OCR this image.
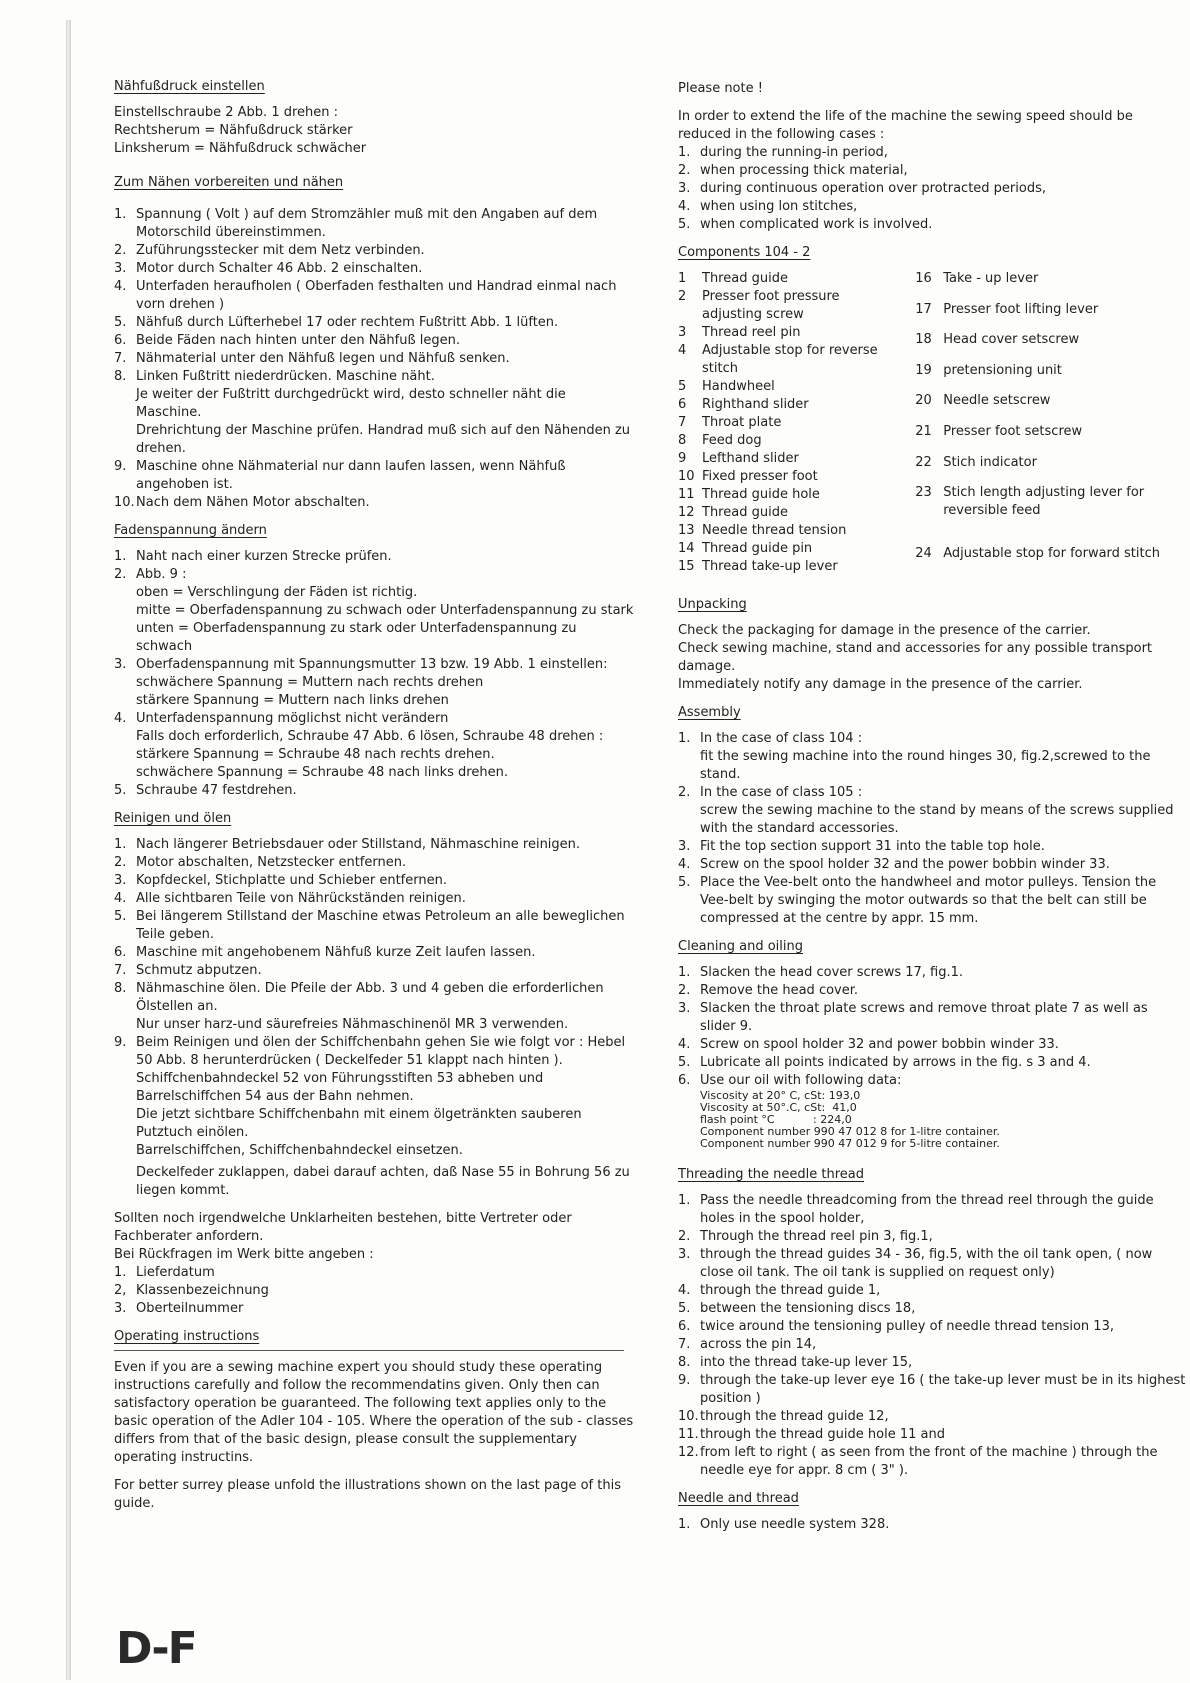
Nähfußdruck einstellen

Einstellschraube 2 Abb. 1 drehen :

Rechtsherum = Nähfußdruck stärker

Linksherum = Nähfußdruck schwächer

Zum Nähen vorbereiten und nähen
1. Spannung ( Volt ) auf dem Stromzähler muß mit den Angaben auf dem Motorschild übereinstimmen.
2. Zuführungsstecker mit dem Netz verbinden.
3. Motor durch Schalter 46 Abb. 2 einschalten.
4. Unterfaden heraufholen ( Oberfaden festhalten und Handrad einmal nach vorn drehen )
5. Nähfuß durch Lüfterhebel 17 oder rechtem Fußtritt Abb. 1 lüften.
6. Beide Fäden nach hinten unter den Nähfuß legen.
7. Nähmaterial unter den Nähfuß legen und Nähfuß senken.
8. Linken Fußtritt niederdrücken. Maschine näht.

Je weiter der Fußtritt durchgedrückt wird, desto schneller näht die Maschine.

Drehrichtung der Maschine prüfen. Handrad muß sich auf den Nähenden zu drehen.

9. Maschine ohne Nähmaterial nur dann laufen lassen, wenn Nähfuß angehoben ist.
10. Nach dem Nähen Motor abschalten.
Fadenspannung ändern
1. Naht nach einer kurzen Strecke prüfen.
2. Abb. 9 :

oben = Verschlingung der Fäden ist richtig.

mitte = Oberfadenspannung zu schwach oder Unterfadenspannung zu stark

unten = Oberfadenspannung zu stark oder Unterfadenspannung zu schwach

3. Oberfadenspannung mit Spannungsmutter 13 bzw. 19 Abb. 1 einstellen:

schwächere Spannung = Muttern nach rechts drehen

stärkere Spannung = Muttern nach links drehen

4. Unterfadenspannung möglichst nicht verändern

Falls doch erforderlich, Schraube 47 Abb. 6 lösen, Schraube 48 drehen :

stärkere Spannung = Schraube 48 nach rechts drehen.

schwächere Spannung = Schraube 48 nach links drehen.

5. Schraube 47 festdrehen.
Reinigen und ölen
1. Nach längerer Betriebsdauer oder Stillstand, Nähmaschine reinigen.
2. Motor abschalten, Netzstecker entfernen.
3. Kopfdeckel, Stichplatte und Schieber entfernen.
4. Alle sichtbaren Teile von Nährückständen reinigen.
5. Bei längerem Stillstand der Maschine etwas Petroleum an alle beweglichen Teile geben.
6. Maschine mit angehobenem Nähfuß kurze Zeit laufen lassen.
7. Schmutz abputzen.
8. Nähmaschine ölen. Die Pfeile der Abb. 3 und 4 geben die erforderlichen Ölstellen an.

Nur unser harz-und säurefreies Nähmaschinenöl MR 3 verwenden.

9. Beim Reinigen und ölen der Schiffchenbahn gehen Sie wie folgt vor : Hebel 50 Abb. 8 herunterdrücken ( Deckelfeder 51 klappt nach hinten ). Schiffchenbahndeckel 52 von Führungsstiften 53 abheben und Barrelschiffchen 54 aus der Bahn nehmen.

Die jetzt sichtbare Schiffchenbahn mit einem ölgetränkten sauberen Putztuch einölen.

Barrelschiffchen, Schiffchenbahndeckel einsetzen.

Deckelfeder zuklappen, dabei darauf achten, daß Nase 55 in Bohrung 56 zu liegen kommt.

Sollten noch irgendwelche Unklarheiten bestehen, bitte Vertreter oder Fachberater anfordern.

Bei Rückfragen im Werk bitte angeben :

1. Lieferdatum
2, Klassenbezeichnung
3. Oberteilnummer
Operating instructions

Even if you are a sewing machine expert you should study these operating instructions carefully and follow the recommendatins given. Only then can satisfactory operation be guaranteed. The following text applies only to the basic operation of the Adler 104 - 105. Where the operation of the sub - classes differs from that of the basic design, please consult the supplementary operating instructins.

For better surrey please unfold the illustrations shown on the last page of this guide.

D-F

Please note !

In order to extend the life of the machine the sewing speed should be reduced in the following cases :

1. during the running-in period,
2. when processing thick material,
3. during continuous operation over protracted periods,
4. when using lon stitches,
5. when complicated work is involved.
Components 104 - 2
1	Thread guide
2	Presser foot pressure adjusting screw
3	Thread reel pin
4	Adjustable stop for reverse stitch
5	Handwheel
6	Righthand slider
7	Throat plate
8	Feed dog
9	Lefthand slider
10	Fixed presser foot
11	Thread guide hole
12	Thread guide
13	Needle thread tension
14	Thread guide pin
15	Thread take-up lever
16	Take - up lever
17	Presser foot lifting lever
18	Head cover setscrew
19	pretensioning unit
20	Needle setscrew
21	Presser foot setscrew
22	Stich indicator
23	Stich length adjusting lever for reversible feed
24	Adjustable stop for forward stitch
Unpacking

Check the packaging for damage in the presence of the carrier.

Check sewing machine, stand and accessories for any possible transport damage.

Immediately notify any damage in the presence of the carrier.

Assembly
1. In the case of class 104 :

fit the sewing machine into the round hinges 30, fig.2,screwed to the stand.

2. In the case of class 105 :

screw the sewing machine to the stand by means of the screws supplied with the standard accessories.

3. Fit the top section support 31 into the table top hole.
4. Screw on the spool holder 32 and the power bobbin winder 33.
5. Place the Vee-belt onto the handwheel and motor pulleys. Tension the Vee-belt by swinging the motor outwards so that the belt can still be compressed at the centre by appr. 15 mm.
Cleaning and oiling
1. Slacken the head cover screws 17, fig.1.
2. Remove the head cover.
3. Slacken the throat plate screws and remove throat plate 7 as well as slider 9.
4. Screw on spool holder 32 and power bobbin winder 33.
5. Lubricate all points indicated by arrows in the fig. s 3 and 4.
6. Use our oil with following data:
Viscosity at 20° C, cSt: 193,0
Viscosity at 50°.C, cSt:  41,0
flash point °C           : 224,0
Component number 990 47 012 8 for 1-litre container.
Component number 990 47 012 9 for 5-litre container.
Threading the needle thread
1. Pass the needle threadcoming from the thread reel through the guide holes in the spool holder,
2. Through the thread reel pin 3, fig.1,
3. through the thread guides 34 - 36, fig.5, with the oil tank open, ( now close oil tank. The oil tank is supplied on request only)
4. through the thread guide 1,
5. between the tensioning discs 18,
6. twice around the tensioning pulley of needle thread tension 13,
7. across the pin 14,
8. into the thread take-up lever 15,
9. through the take-up lever eye 16 ( the take-up lever must be in its highest position )
10. through the thread guide 12,
11. through the thread guide hole 11 and
12. from left to right ( as seen from the front of the machine ) through the needle eye for appr. 8 cm ( 3" ).
Needle and thread
1. Only use needle system 328.
